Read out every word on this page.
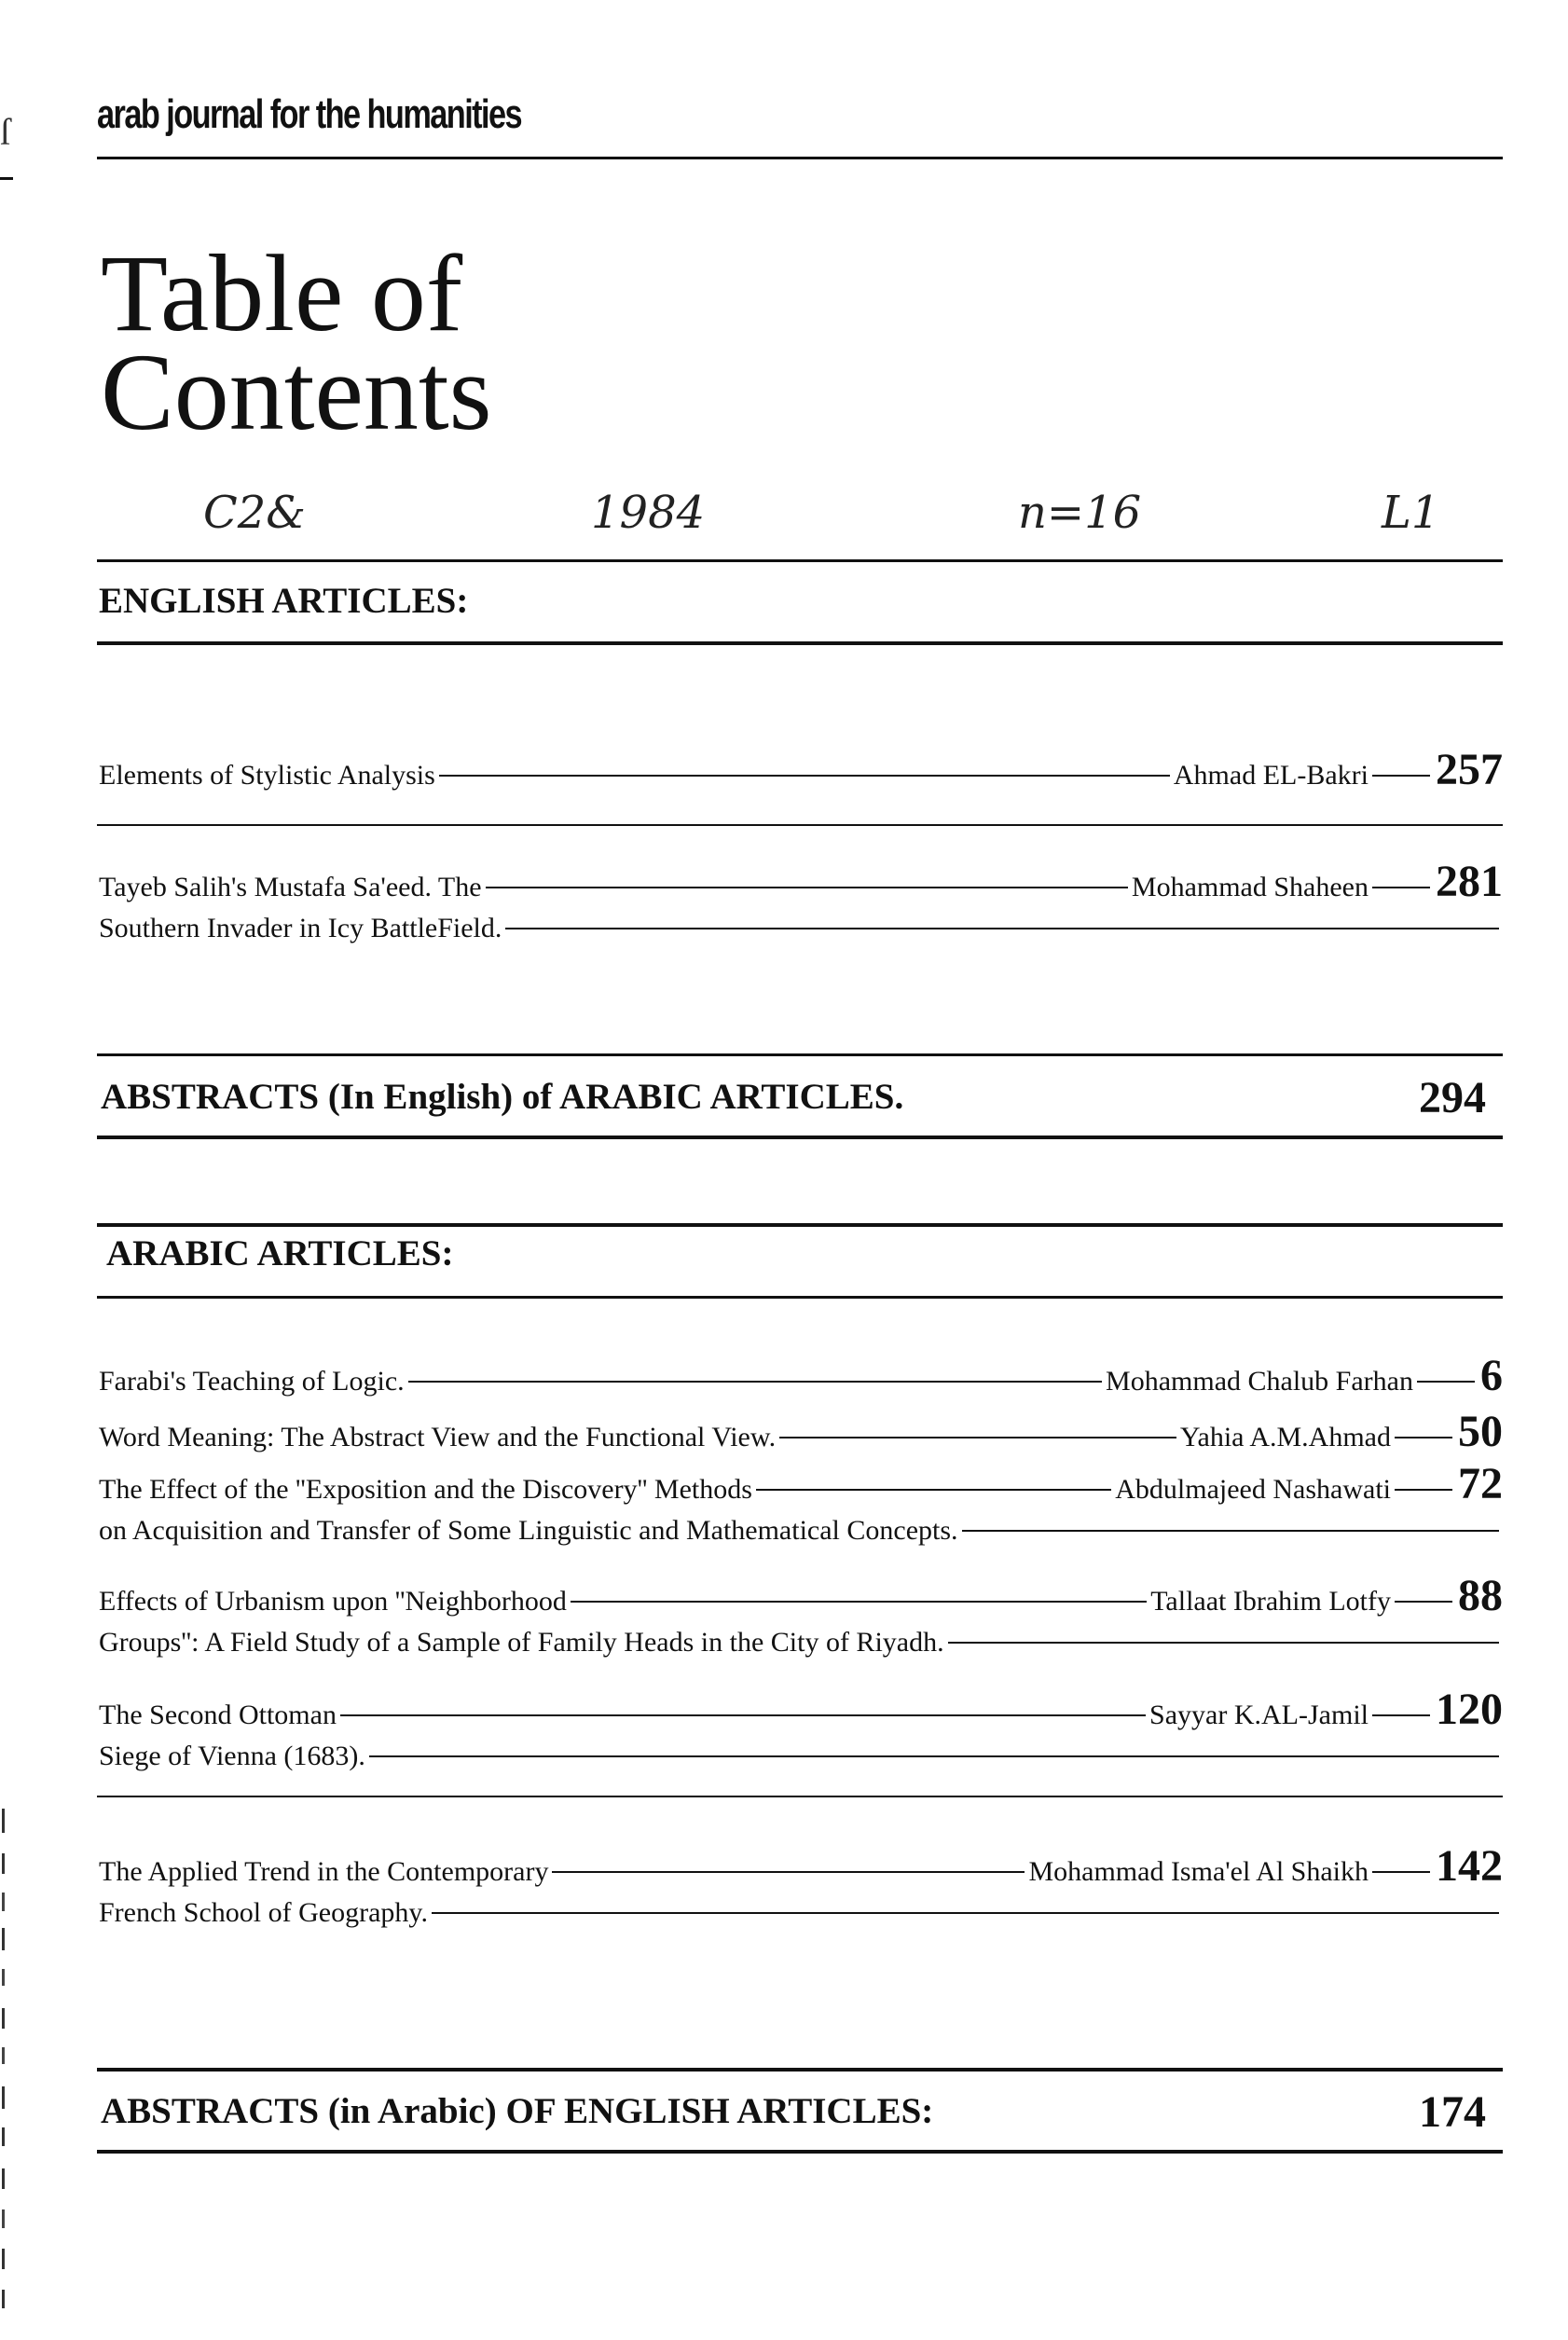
ſ arab journal for the humanities
Table of
Contents
C2&	1984	n=16	L1
ENGLISH ARTICLES:
Elements of Stylistic Analysis	Ahmad EL-Bakri 257
Tayeb Salih's Mustafa Sa'eed. The	Mohammad Shaheen 281
Southern Invader in Icy BattleField.
ABSTRACTS (In English) of ARABIC ARTICLES.	294
ARABIC ARTICLES:
Farabi's Teaching of Logic.	Mohammad Chalub Farhan 6
Word Meaning: The Abstract View and the Functional View.	Yahia A.M.Ahmad 50
The Effect of the ''Exposition and the Discovery'' Methods	Abdulmajeed Nashawati 72
on Acquisition and Transfer of Some Linguistic and Mathematical Concepts.
Effects of Urbanism upon ''Neighborhood	Tallaat Ibrahim Lotfy 88
Groups'': A Field Study of a Sample of Family Heads in the City of Riyadh.
The Second Ottoman	Sayyar K.AL-Jamil 120
Siege of Vienna (1683).
The Applied Trend in the Contemporary	Mohammad Isma'el Al Shaikh 142
French School of Geography.
ABSTRACTS (in Arabic) OF ENGLISH ARTICLES:	174
